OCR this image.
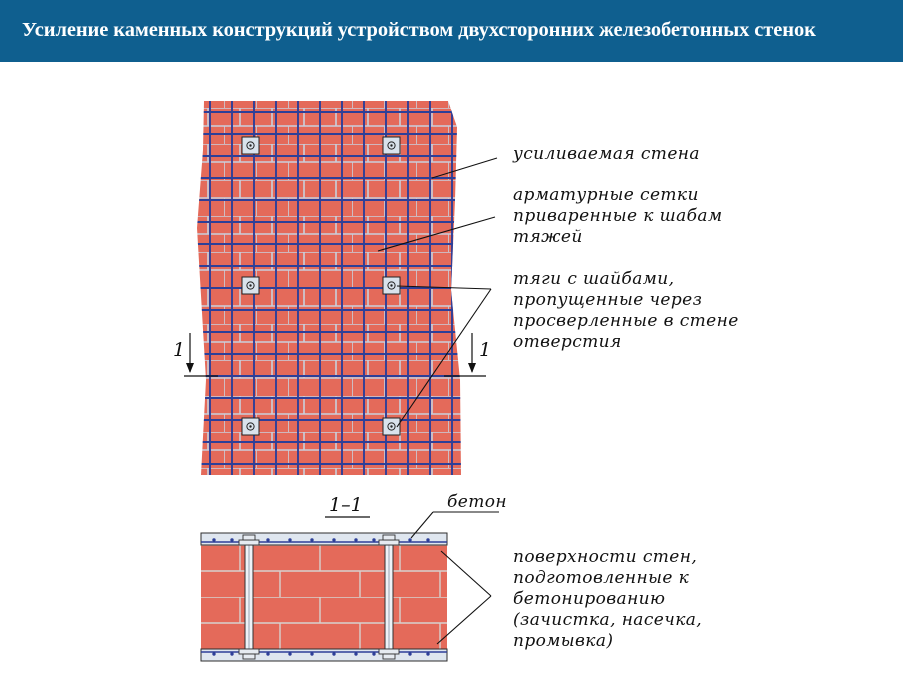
Усиление каменных конструкций устройством двухсторонних железобетонных стенок
1	1
усиливаемая стена
арматурные сетки приваренные к шабам тяжей
тяги с шайбами, пропущенные через просверленные в стене отверстия
1–1	бетон
поверхности стен, подготовленные к бетонированию (зачистка, насечка, промывка)
